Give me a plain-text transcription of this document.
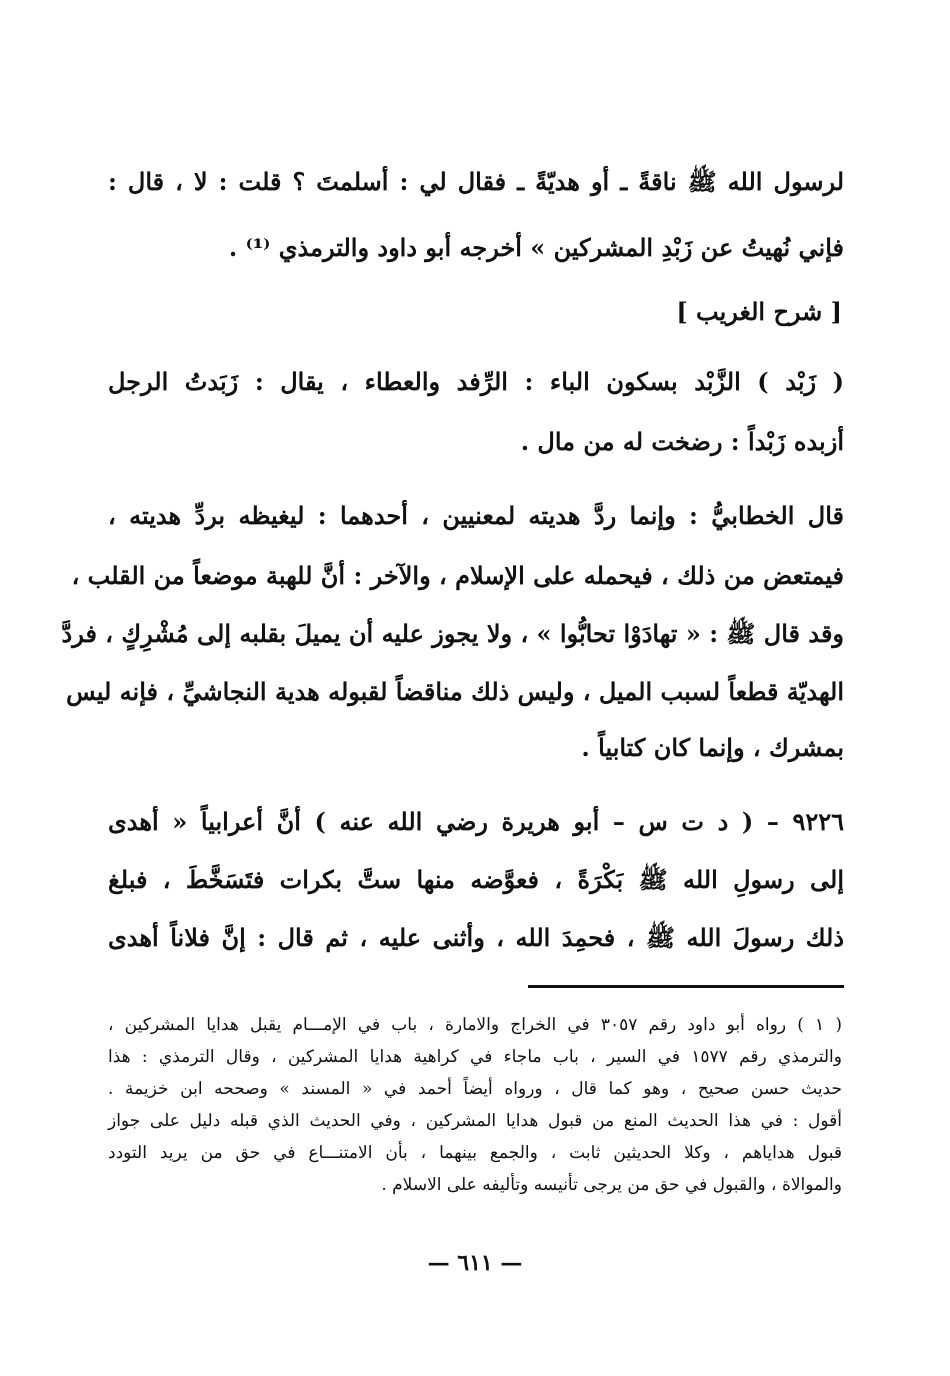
لرسول الله ﷺ ناقةً ـ أو هديّةً ـ فقال لي : أسلمتَ ؟ قلت : لا ، قال :
فإني نُهيتُ عن زَبْدِ المشركين » أخرجه أبو داود والترمذي ⁽¹⁾ .
[ شرح الغريب ]
( زَبْد ) الزَّبْد بسكون الباء : الرِّفد والعطاء ، يقال : زَبَدتُ الرجل
أزبده زَبْداً : رضخت له من مال .
قال الخطابيُّ : وإنما ردَّ هديته لمعنيين ، أحدهما : ليغيظه بردِّ هديته ،
فيمتعض من ذلك ، فيحمله على الإسلام ، والآخر : أنَّ للهبة موضعاً من القلب ،
وقد قال ﷺ : « تهادَوْا تحابُّوا » ، ولا يجوز عليه أن يميلَ بقلبه إلى مُشْرِكٍ ، فردَّ
الهديّة قطعاً لسبب الميل ، وليس ذلك مناقضاً لقبوله هدية النجاشيِّ ، فإنه ليس
بمشرك ، وإنما كان كتابياً .
٩٢٢٦ – ( د ت س – أبو هريرة رضي الله عنه ) أنَّ أعرابياً « أهدى
إلى رسولِ الله ﷺ بَكْرَةً ، فعوَّضه منها ستَّ بكرات فتَسَخَّطَ ، فبلغ
ذلك رسولَ الله ﷺ ، فحمِدَ الله ، وأثنى عليه ، ثم قال : إنَّ فلاناً أهدى
( ١ ) رواه أبو داود رقم ٣٠٥٧ في الخراج والامارة ، باب في الإمـــام يقبل هدايا المشركين ،
والترمذي رقم ١٥٧٧ في السير ، باب ماجاء في كراهية هدايا المشركين ، وقال الترمذي : هذا
حديث حسن صحيح ، وهو كما قال ، ورواه أيضاً أحمد في « المسند » وصححه ابن خزيمة .
أقول : في هذا الحديث المنع من قبول هدايا المشركين ، وفي الحديث الذي قبله دليل على جواز
قبول هداياهم ، وكلا الحديثين ثابت ، والجمع بينهما ، بأن الامتنـــاع في حق من يريد التودد
والموالاة ، والقبول في حق من يرجى تأنيسه وتأليفه على الاسلام .
— ٦١١ —
